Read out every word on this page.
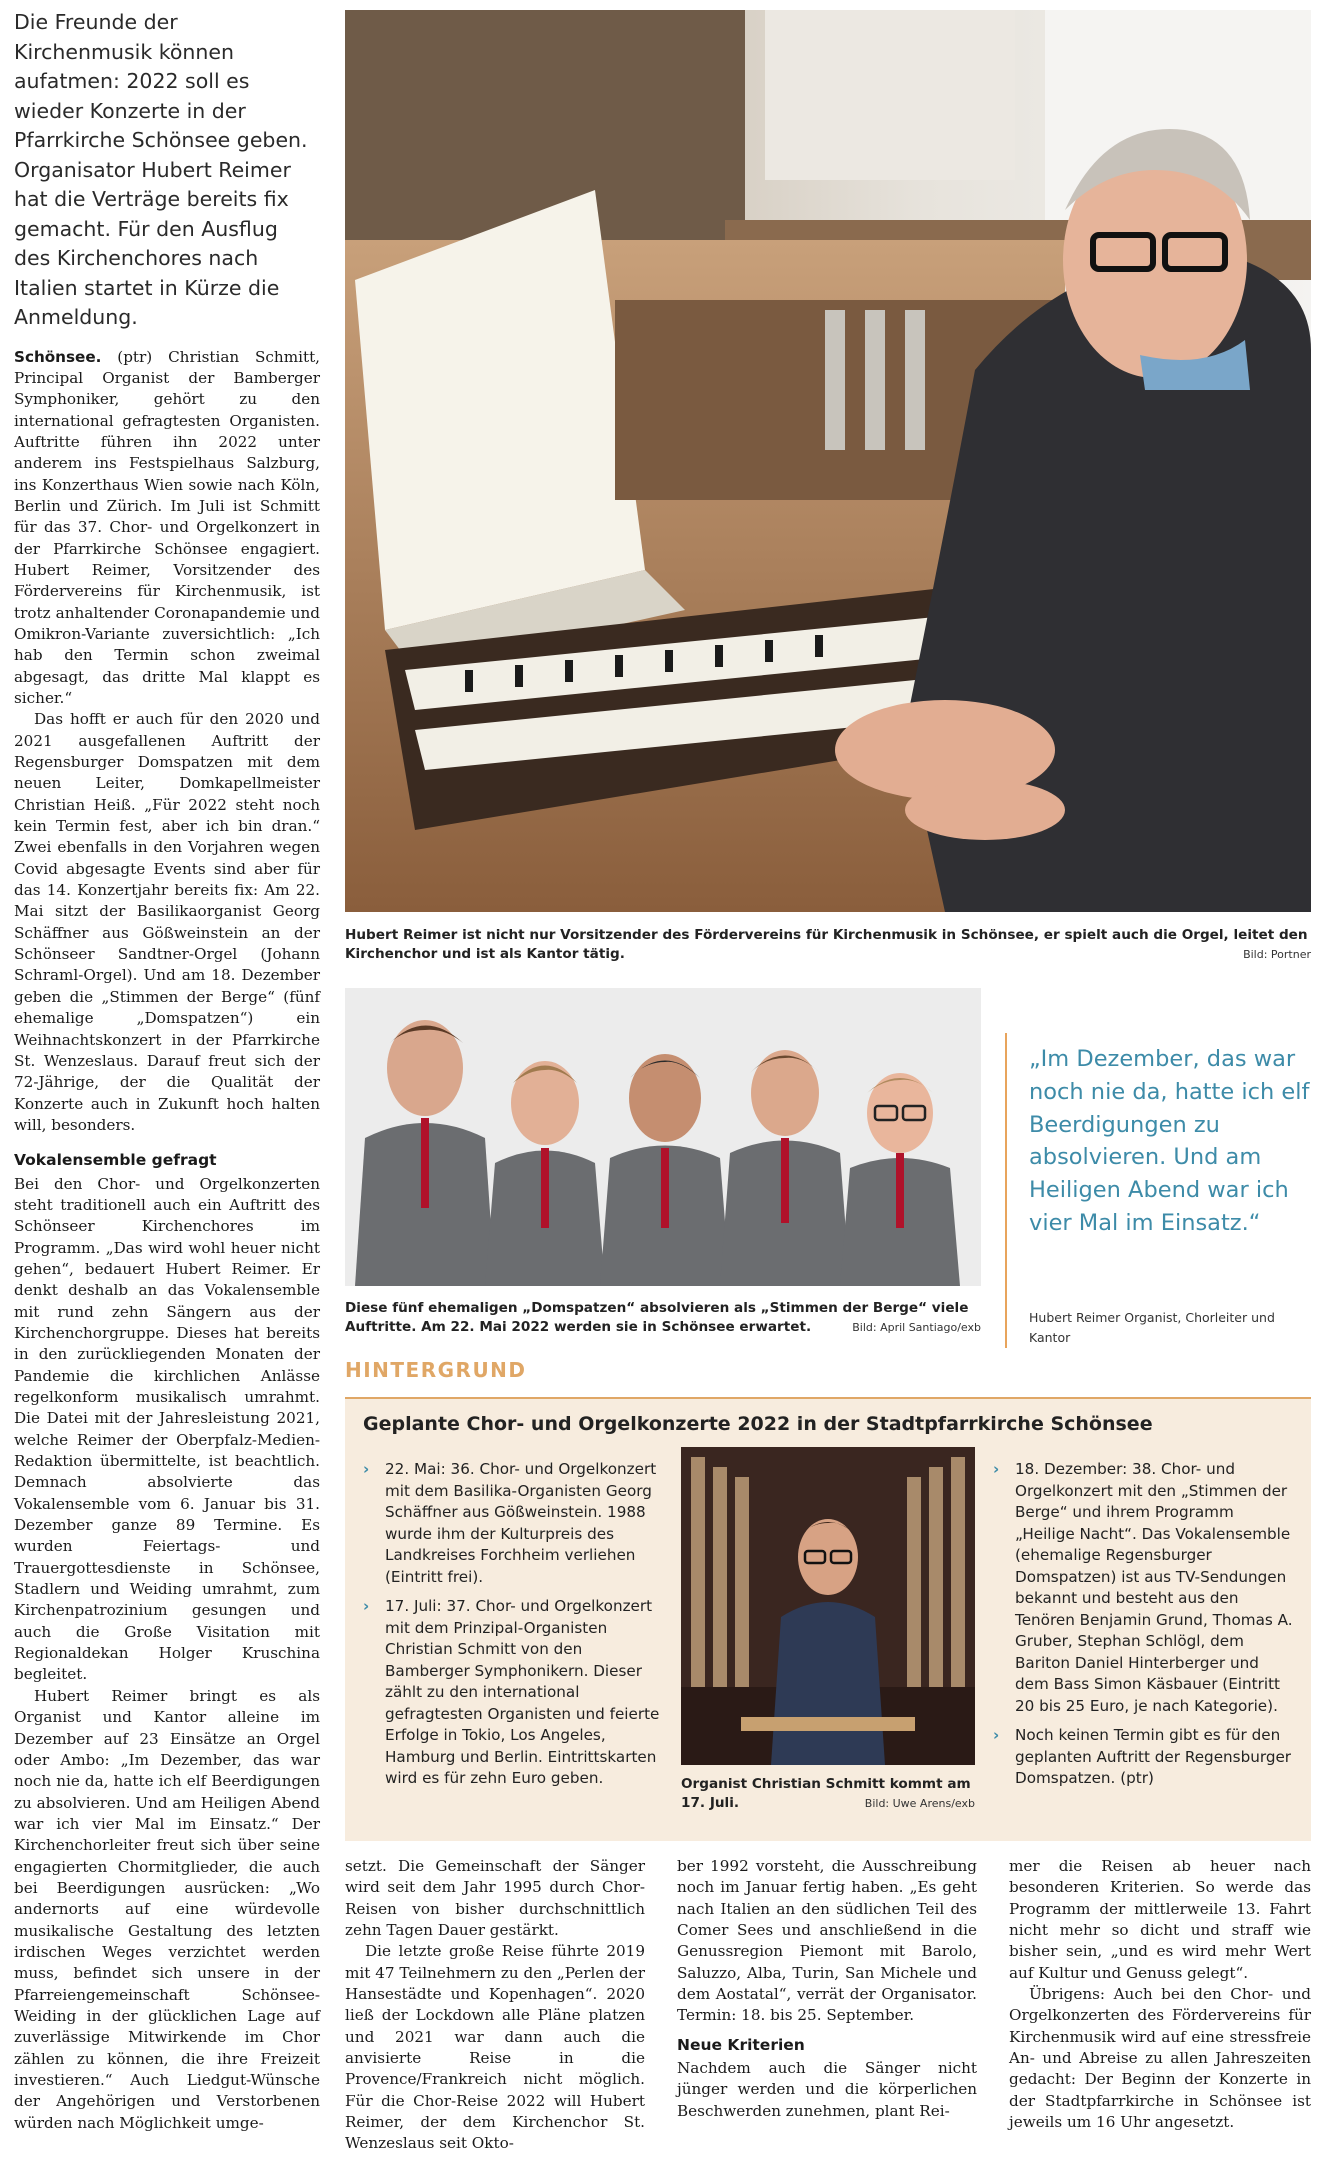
Die Freunde der Kirchenmusik können aufatmen: 2022 soll es wieder Konzerte in der Pfarrkirche Schönsee geben. Organisator Hubert Reimer hat die Verträge bereits fix gemacht. Für den Ausflug des Kirchenchores nach Italien startet in Kürze die Anmeldung.

Schönsee. (ptr) Christian Schmitt, Principal Organist der Bamberger Symphoniker, gehört zu den international gefragtesten Organisten. Auftritte führen ihn 2022 unter anderem ins Festspielhaus Salzburg, ins Konzerthaus Wien sowie nach Köln, Berlin und Zürich. Im Juli ist Schmitt für das 37. Chor- und Orgelkonzert in der Pfarrkirche Schönsee engagiert. Hubert Reimer, Vorsitzender des Fördervereins für Kirchenmusik, ist trotz anhaltender Coronapandemie und Omikron-Variante zuversichtlich: „Ich hab den Termin schon zweimal abgesagt, das dritte Mal klappt es sicher.“

Das hofft er auch für den 2020 und 2021 ausgefallenen Auftritt der Regensburger Domspatzen mit dem neuen Leiter, Domkapellmeister Christian Heiß. „Für 2022 steht noch kein Termin fest, aber ich bin dran.“ Zwei ebenfalls in den Vorjahren wegen Covid abgesagte Events sind aber für das 14. Konzertjahr bereits fix: Am 22. Mai sitzt der Basilikaorganist Georg Schäffner aus Gößweinstein an der Schönseer Sandtner-Orgel (Johann Schraml-Orgel). Und am 18. Dezember geben die „Stimmen der Berge“ (fünf ehemalige „Domspatzen“) ein Weihnachtskonzert in der Pfarrkirche St. Wenzeslaus. Darauf freut sich der 72-Jährige, der die Qualität der Konzerte auch in Zukunft hoch halten will, besonders.

Vokalensemble gefragt

Bei den Chor- und Orgelkonzerten steht traditionell auch ein Auftritt des Schönseer Kirchenchores im Programm. „Das wird wohl heuer nicht gehen“, bedauert Hubert Reimer. Er denkt deshalb an das Vokalensemble mit rund zehn Sängern aus der Kirchenchorgruppe. Dieses hat bereits in den zurückliegenden Monaten der Pandemie die kirchlichen Anlässe regelkonform musikalisch umrahmt. Die Datei mit der Jahresleistung 2021, welche Reimer der Oberpfalz-Medien-Redaktion übermittelte, ist beachtlich. Demnach absolvierte das Vokalensemble vom 6. Januar bis 31. Dezember ganze 89 Termine. Es wurden Feiertags- und Trauergottesdienste in Schönsee, Stadlern und Weiding umrahmt, zum Kirchenpatrozinium gesungen und auch die Große Visitation mit Regionaldekan Holger Kruschina begleitet.

Hubert Reimer bringt es als Organist und Kantor alleine im Dezember auf 23 Einsätze an Orgel oder Ambo: „Im Dezember, das war noch nie da, hatte ich elf Beerdigungen zu absolvieren. Und am Heiligen Abend war ich vier Mal im Einsatz.“ Der Kirchenchorleiter freut sich über seine engagierten Chormitglieder, die auch bei Beerdigungen ausrücken: „Wo andernorts auf eine würdevolle musikalische Gestaltung des letzten irdischen Weges verzichtet werden muss, befindet sich unsere in der Pfarreiengemeinschaft Schönsee-Weiding in der glücklichen Lage auf zuverlässige Mitwirkende im Chor zählen zu können, die ihre Freizeit investieren.“ Auch Liedgut-Wünsche der Angehörigen und Verstorbenen würden nach Möglichkeit umge-

Hubert Reimer ist nicht nur Vorsitzender des Fördervereins für Kirchenmusik in Schönsee, er spielt auch die Orgel, leitet den Kirchenchor und ist als Kantor tätig.	Bild: Portner
Diese fünf ehemaligen „Domspatzen“ absolvieren als „Stimmen der Berge“ viele Auftritte. Am 22. Mai 2022 werden sie in Schönsee erwartet.	Bild: April Santiago/exb
„Im Dezember, das war noch nie da, hatte ich elf Beerdigungen zu absolvieren. Und am Heiligen Abend war ich vier Mal im Einsatz.“
Hubert Reimer Organist, Chorleiter und Kantor
HINTERGRUND
Geplante Chor- und Orgelkonzerte 2022 in der Stadtpfarrkirche Schönsee
› 22. Mai: 36. Chor- und Orgelkonzert mit dem Basilika-Organisten Georg Schäffner aus Gößweinstein. 1988 wurde ihm der Kulturpreis des Landkreises Forchheim verliehen (Eintritt frei).
› 17. Juli: 37. Chor- und Orgelkonzert mit dem Prinzipal-Organisten Christian Schmitt von den Bamberger Symphonikern. Dieser zählt zu den international gefragtesten Organisten und feierte Erfolge in Tokio, Los Angeles, Hamburg und Berlin. Eintrittskarten wird es für zehn Euro geben.	Organist Christian Schmitt kommt am 17. Juli.	Bild: Uwe Arens/exb
› 18. Dezember: 38. Chor- und Orgelkonzert mit den „Stimmen der Berge“ und ihrem Programm „Heilige Nacht“. Das Vokalensemble (ehemalige Regensburger Domspatzen) ist aus TV-Sendungen bekannt und besteht aus den Tenören Benjamin Grund, Thomas A. Gruber, Stephan Schlögl, dem Bariton Daniel Hinterberger und dem Bass Simon Käsbauer (Eintritt 20 bis 25 Euro, je nach Kategorie).
› Noch keinen Termin gibt es für den geplanten Auftritt der Regensburger Domspatzen. (ptr)

setzt. Die Gemeinschaft der Sänger wird seit dem Jahr 1995 durch Chor-Reisen von bisher durchschnittlich zehn Tagen Dauer gestärkt.

Die letzte große Reise führte 2019 mit 47 Teilnehmern zu den „Perlen der Hansestädte und Kopenhagen“. 2020 ließ der Lockdown alle Pläne platzen und 2021 war dann auch die anvisierte Reise in die Provence/Frankreich nicht möglich. Für die Chor-Reise 2022 will Hubert Reimer, der dem Kirchenchor St. Wenzeslaus seit Okto-

ber 1992 vorsteht, die Ausschreibung noch im Januar fertig haben. „Es geht nach Italien an den südlichen Teil des Comer Sees und anschließend in die Genussregion Piemont mit Barolo, Saluzzo, Alba, Turin, San Michele und dem Aostatal“, verrät der Organisator. Termin: 18. bis 25. September.

Neue Kriterien

Nachdem auch die Sänger nicht jünger werden und die körperlichen Beschwerden zunehmen, plant Rei-

mer die Reisen ab heuer nach besonderen Kriterien. So werde das Programm der mittlerweile 13. Fahrt nicht mehr so dicht und straff wie bisher sein, „und es wird mehr Wert auf Kultur und Genuss gelegt“.

Übrigens: Auch bei den Chor- und Orgelkonzerten des Fördervereins für Kirchenmusik wird auf eine stressfreie An- und Abreise zu allen Jahreszeiten gedacht: Der Beginn der Konzerte in der Stadtpfarrkirche in Schönsee ist jeweils um 16 Uhr angesetzt.
